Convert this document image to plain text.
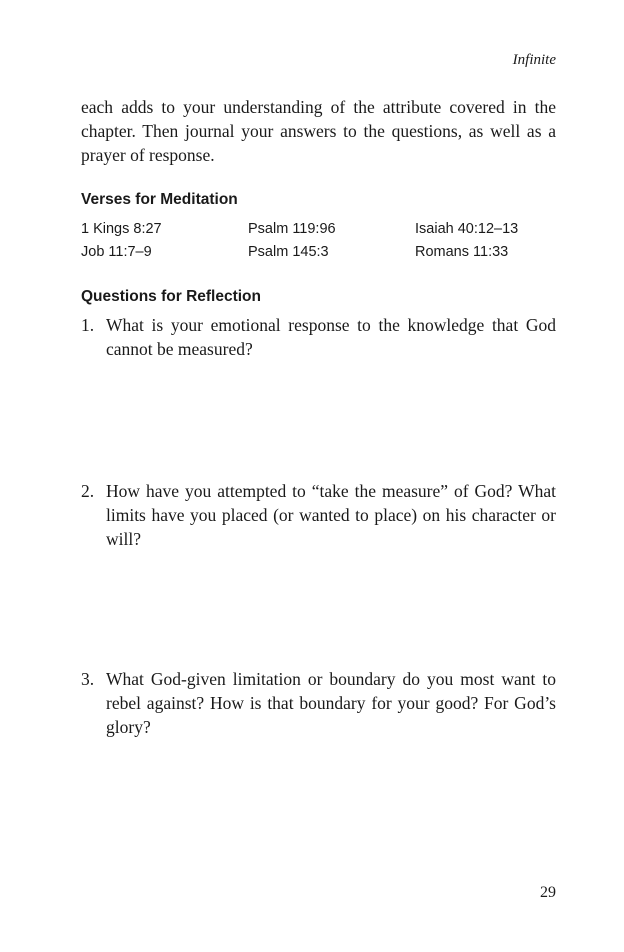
Infinite
each adds to your understanding of the attribute covered in the chapter. Then journal your answers to the questions, as well as a prayer of response.
Verses for Meditation
1 Kings 8:27	Psalm 119:96	Isaiah 40:12–13
Job 11:7–9	Psalm 145:3	Romans 11:33
Questions for Reflection
1. What is your emotional response to the knowledge that God cannot be measured?
2. How have you attempted to “take the measure” of God? What limits have you placed (or wanted to place) on his character or will?
3. What God-given limitation or boundary do you most want to rebel against? How is that boundary for your good? For God’s glory?
29
